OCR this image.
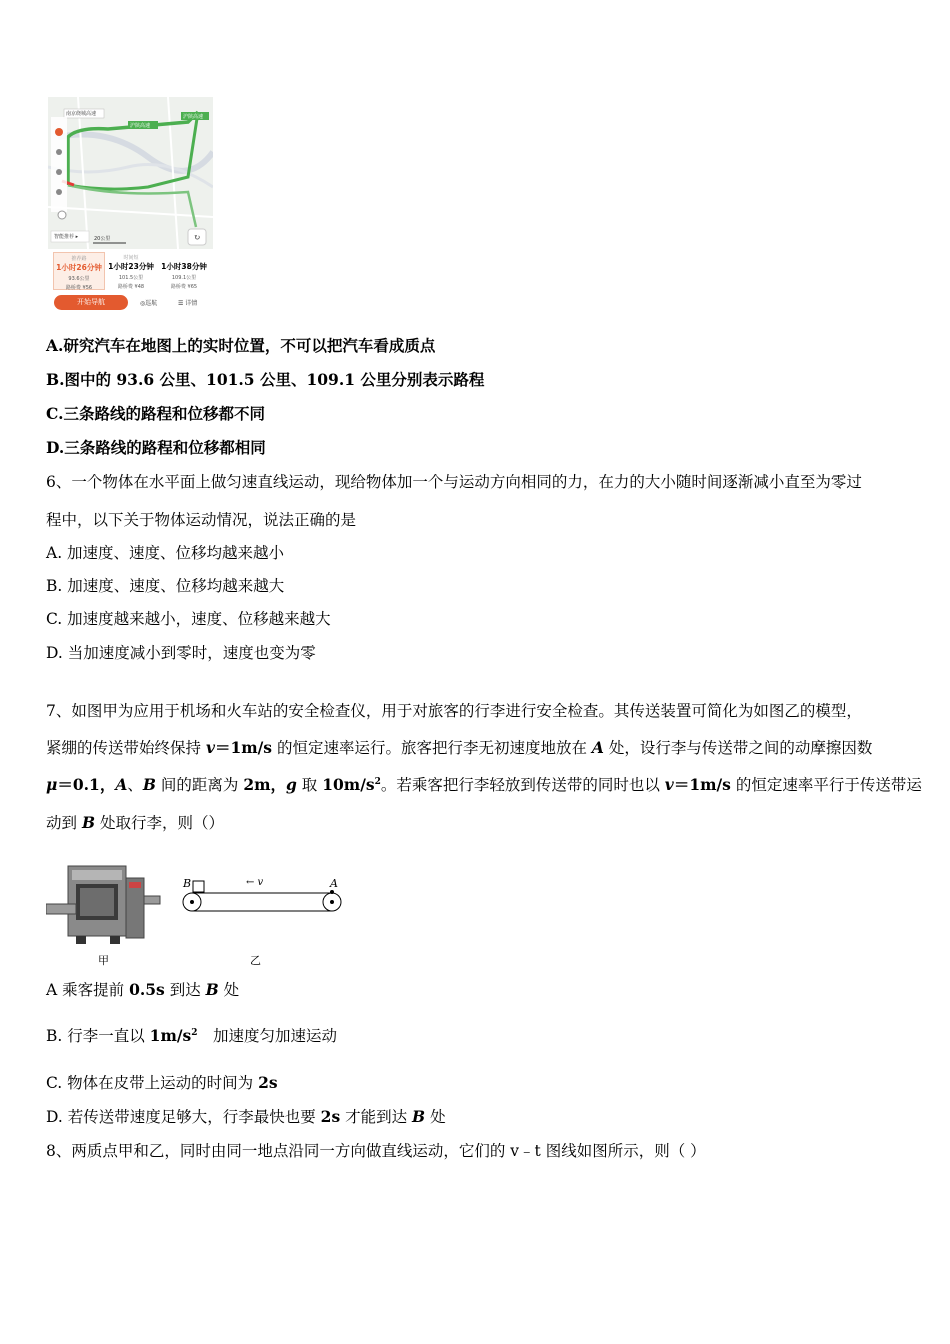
↻
南京绕城高速
沪陕高速
沪陕高速
智能推荐 ▸	20公里
推荐路
1小时26分钟
93.6公里
路桥费 ¥56
时间短
1小时23分钟
101.5公里
路桥费 ¥48
1小时38分钟
109.1公里
路桥费 ¥65
开始导航	◎巡航	☰ 详情
A.研究汽车在地图上的实时位置，不可以把汽车看成质点
B.图中的 93.6 公里、101.5 公里、109.1 公里分别表示路程
C.三条路线的路程和位移都不同
D.三条路线的路程和位移都相同
6、一个物体在水平面上做匀速直线运动，现给物体加一个与运动方向相同的力，在力的大小随时间逐渐减小直至为零过
程中，以下关于物体运动情况，说法正确的是
A. 加速度、速度、位移均越来越小
B. 加速度、速度、位移均越来越大
C. 加速度越来越小，速度、位移越来越大
D. 当加速度减小到零时，速度也变为零
7、如图甲为应用于机场和火车站的安全检查仪，用于对旅客的行李进行安全检查。其传送装置可简化为如图乙的模型，
紧绷的传送带始终保持 v＝1m/s 的恒定速率运行。旅客把行李无初速度地放在 A 处，设行李与传送带之间的动摩擦因数
μ＝0.1，A、B 间的距离为 2m，g 取 $10m/s^2$。若乘客把行李轻放到传送带的同时也以 v＝1m/s 的恒定速率平行于传送带运
动到 B 处取行李，则（）
B	A
← v
甲	乙
A 乘客提前 0.5s 到达 B 处
B. 行李一直以 $1m/s^2$　加速度匀加速运动
C. 物体在皮带上运动的时间为 2s
D. 若传送带速度足够大，行李最快也要 2s 才能到达 B 处
8、两质点甲和乙，同时由同一地点沿同一方向做直线运动，它们的 v﹣t 图线如图所示，则（ ）
